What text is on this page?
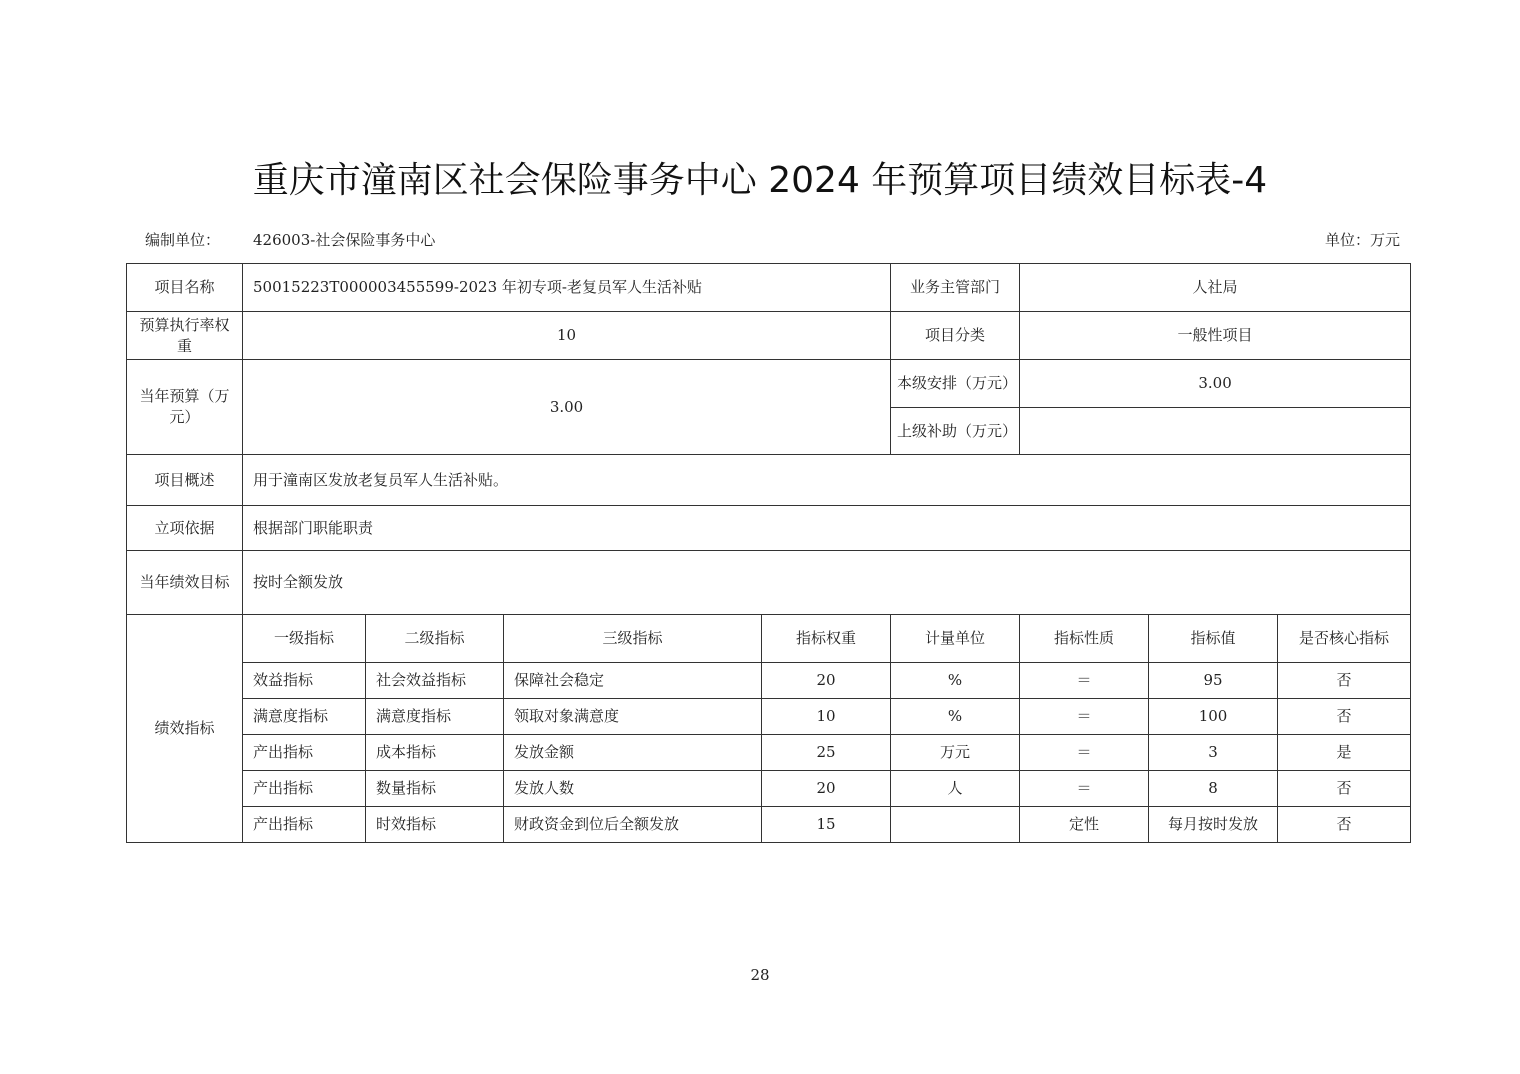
重庆市潼南区社会保险事务中心 2024 年预算项目绩效目标表-4
编制单位： 426003-社会保险事务中心	单位：万元
项目名称	50015223T000003455599-2023 年初专项-老复员军人生活补贴				业务主管部门	人社局		
预算执行率权重	10				项目分类	一般性项目		
当年预算（万元）	3.00				本级安排（万元）	3.00		
					上级补助（万元）			
项目概述	用于潼南区发放老复员军人生活补贴。							
立项依据	根据部门职能职责							
当年绩效目标	按时全额发放							
绩效指标	一级指标	二级指标	三级指标	指标权重	计量单位	指标性质	指标值	是否核心指标
	效益指标	社会效益指标	保障社会稳定	20	%	＝	95	否
	满意度指标	满意度指标	领取对象满意度	10	%	＝	100	否
	产出指标	成本指标	发放金额	25	万元	＝	3	是
	产出指标	数量指标	发放人数	20	人	＝	8	否
	产出指标	时效指标	财政资金到位后全额发放	15		定性	每月按时发放	否
28
